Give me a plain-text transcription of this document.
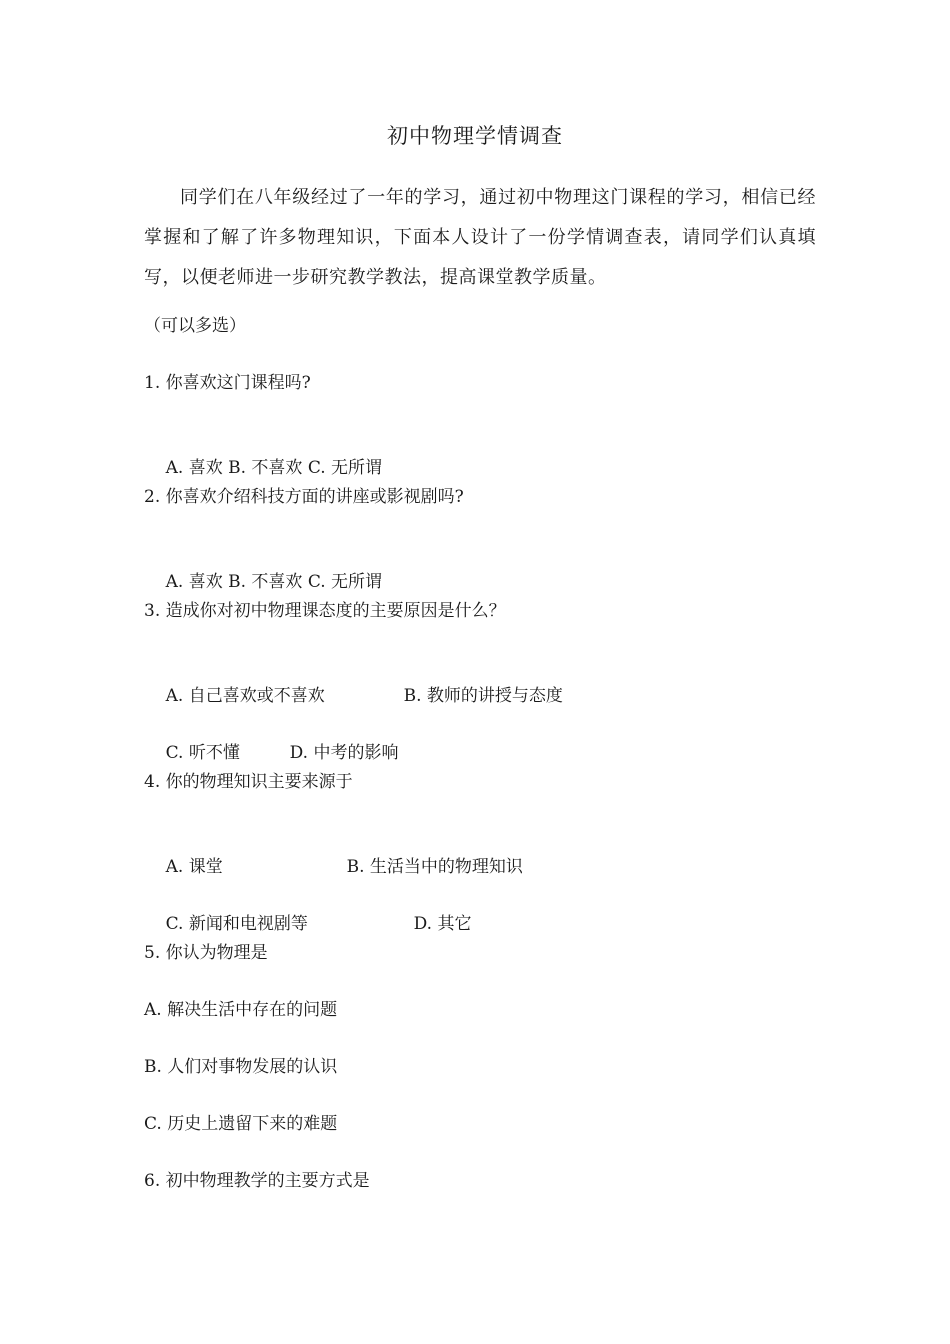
初中物理学情调查
同学们在八年级经过了一年的学习，通过初中物理这门课程的学习，相信已经掌握和了解了许多物理知识，下面本人设计了一份学情调查表，请同学们认真填写，以便老师进一步研究教学教法，提高课堂教学质量。
（可以多选）
1. 你喜欢这门课程吗?

A. 喜欢 B. 不喜欢 C. 无所谓

2. 你喜欢介绍科技方面的讲座或影视剧吗?

A. 喜欢 B. 不喜欢 C. 无所谓

3. 造成你对初中物理课态度的主要原因是什么？

A. 自己喜欢或不喜欢	B. 教师的讲授与态度

C. 听不懂	D. 中考的影响

4. 你的物理知识主要来源于

A. 课堂	B. 生活当中的物理知识

C. 新闻和电视剧等	D. 其它

5. 你认为物理是
A. 解决生活中存在的问题
B. 人们对事物发展的认识
C. 历史上遗留下来的难题
6. 初中物理教学的主要方式是
